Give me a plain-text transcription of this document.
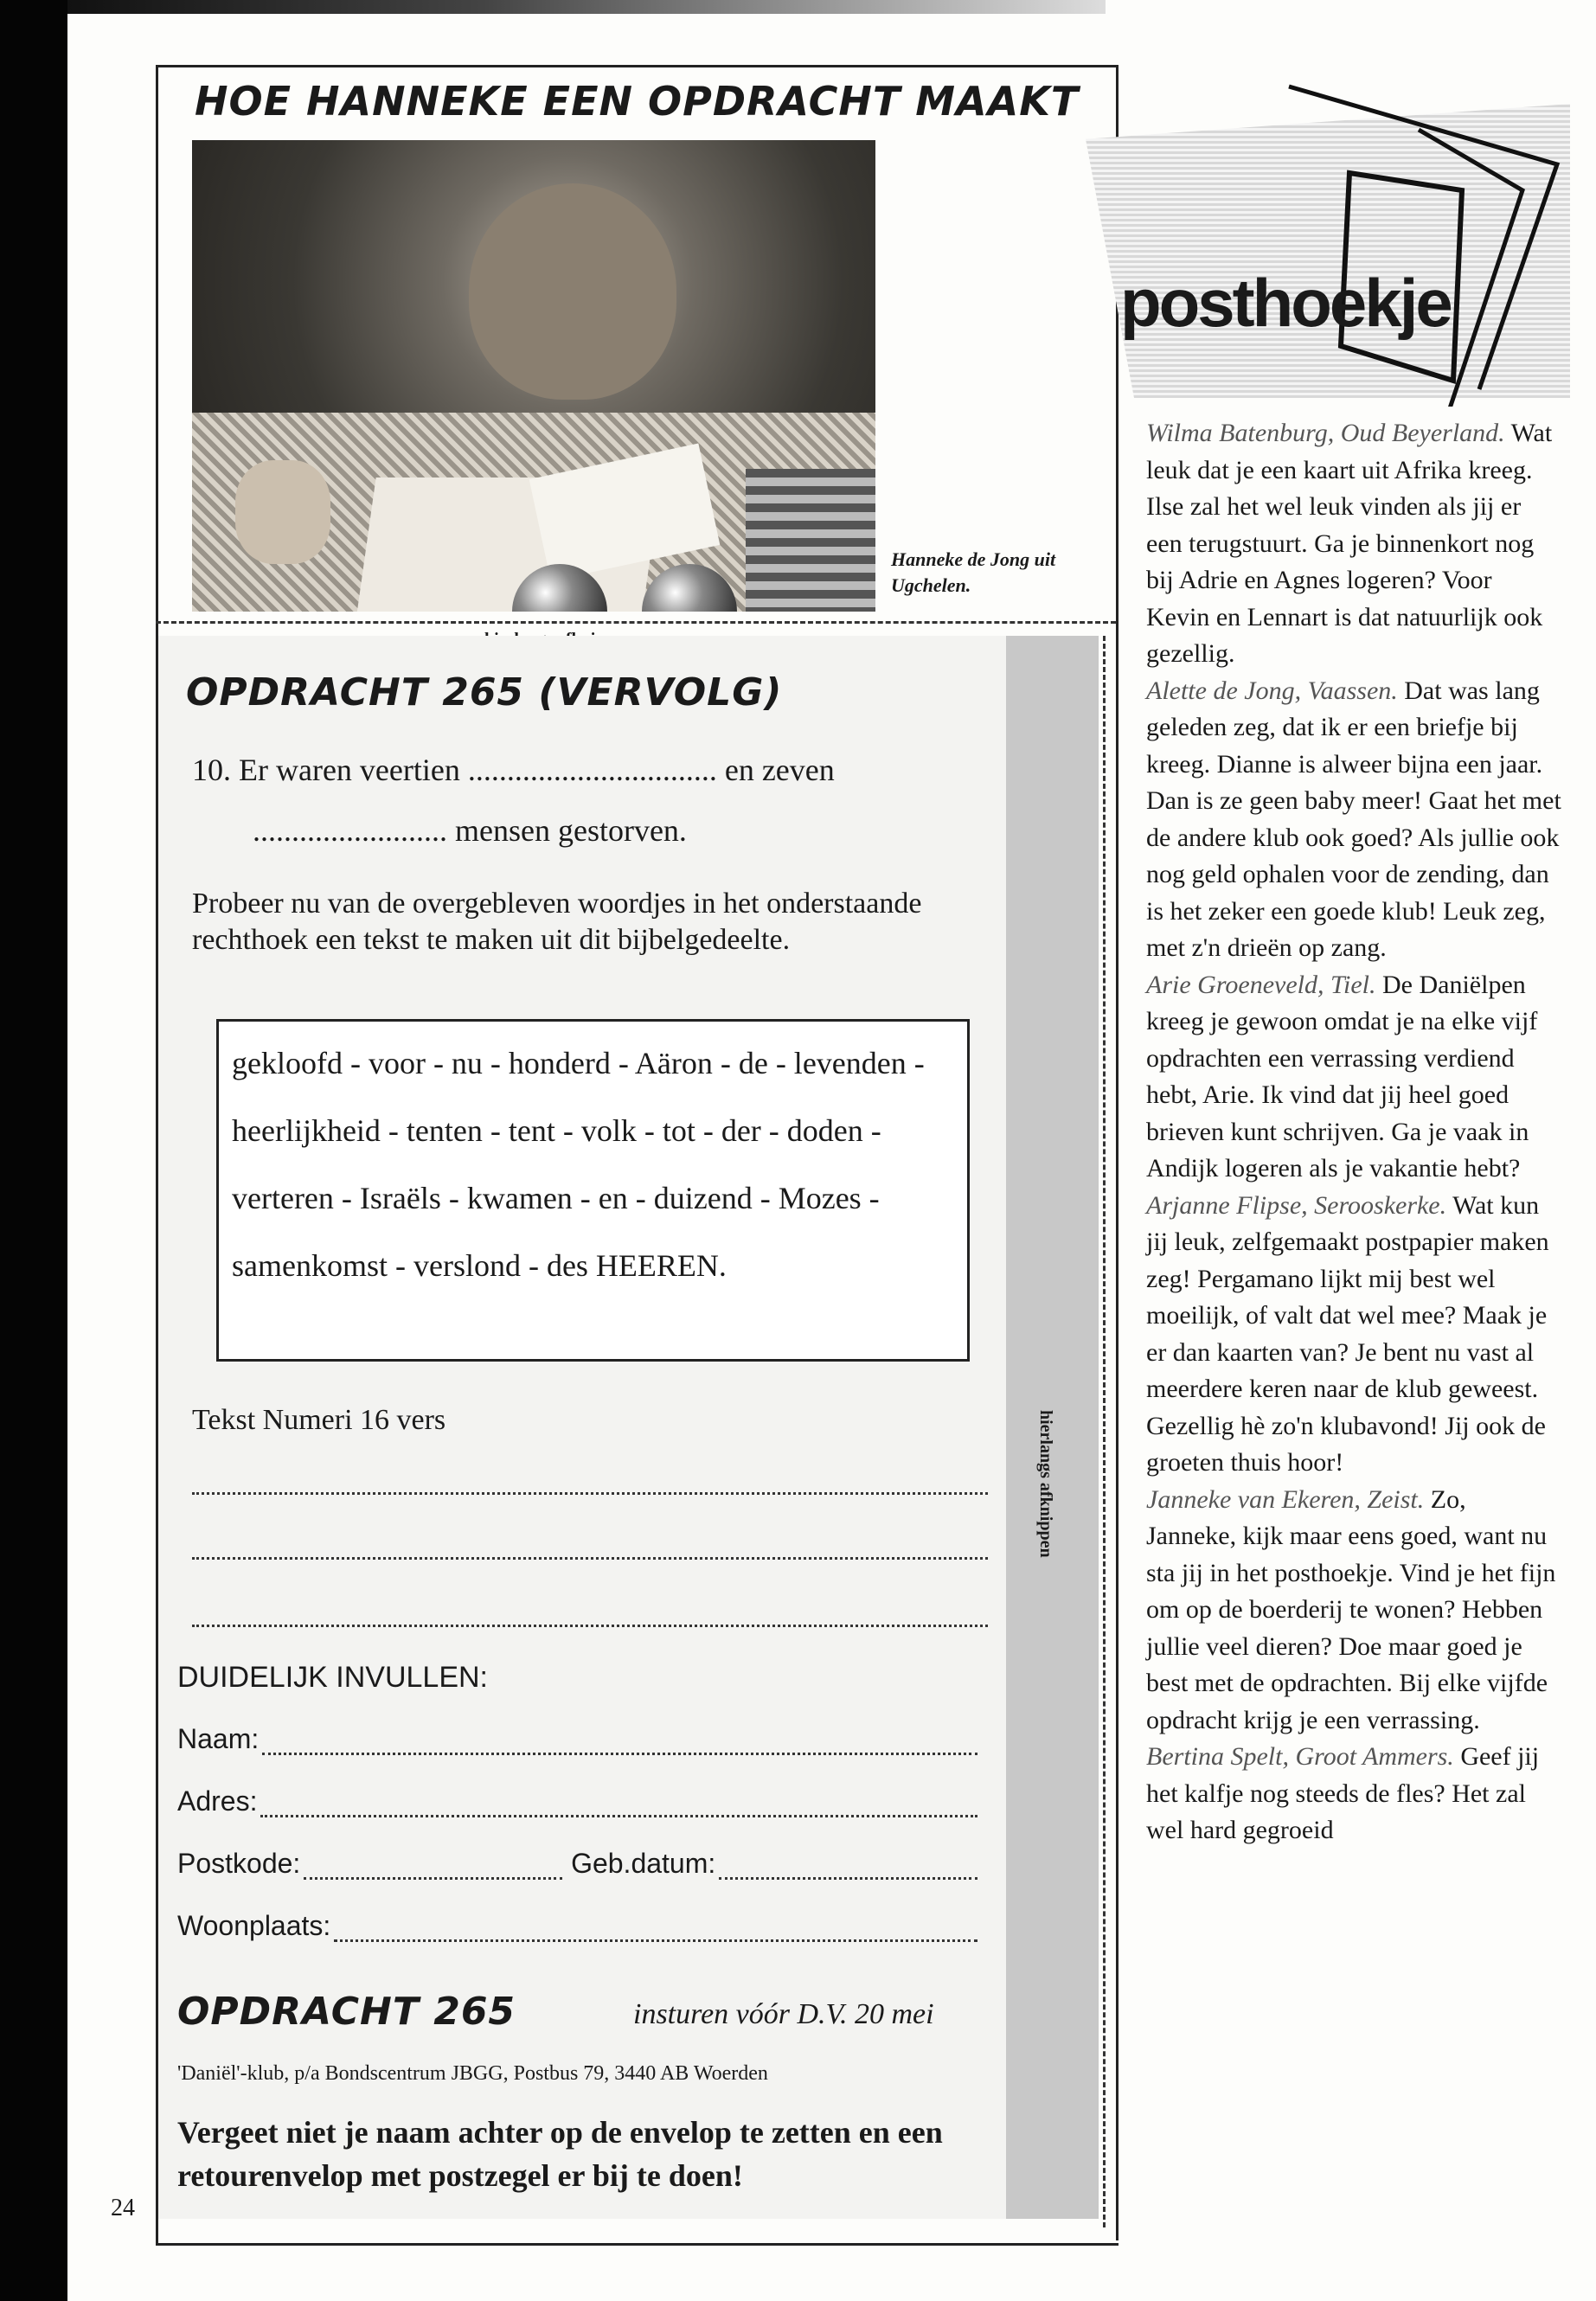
HOE HANNEKE EEN OPDRACHT MAAKT
Hanneke de Jong uit Ugchelen.
hierlangs afknippen
OPDRACHT 265 (VERVOLG)
10. Er waren veertien ................................ en zeven
......................... mensen gestorven.
Probeer nu van de overgebleven woordjes in het onderstaande rechthoek een tekst te maken uit dit bijbelgedeelte.
gekloofd - voor - nu - honderd - Aäron - de - levenden - heerlijkheid - tenten - tent - volk - tot - der - doden - verteren - Israëls - kwamen - en - duizend - Mozes - samenkomst - verslond - des HEEREN.
Tekst Numeri 16 vers
DUIDELIJK INVULLEN:
Naam:
Adres:
Postkode:	Geb.datum:
Woonplaats:
OPDRACHT 265	insturen vóór D.V. 20 mei
'Daniël'-klub, p/a Bondscentrum JBGG, Postbus 79, 3440 AB Woerden
Vergeet niet je naam achter op de envelop te zetten en een retourenvelop met postzegel er bij te doen!
24
posthoekje
Wilma Batenburg, Oud Beyerland. Wat leuk dat je een kaart uit Afrika kreeg. Ilse zal het wel leuk vinden als jij er een terugstuurt. Ga je binnenkort nog bij Adrie en Agnes logeren? Voor Kevin en Lennart is dat natuurlijk ook gezellig.
Alette de Jong, Vaassen. Dat was lang geleden zeg, dat ik er een briefje bij kreeg. Dianne is alweer bijna een jaar. Dan is ze geen baby meer! Gaat het met de andere klub ook goed? Als jullie ook nog geld ophalen voor de zending, dan is het zeker een goede klub! Leuk zeg, met z'n drieën op zang.
Arie Groeneveld, Tiel. De Daniëlpen kreeg je gewoon omdat je na elke vijf opdrachten een verrassing verdiend hebt, Arie. Ik vind dat jij heel goed brieven kunt schrijven. Ga je vaak in Andijk logeren als je vakantie hebt?
Arjanne Flipse, Serooskerke. Wat kun jij leuk, zelfgemaakt postpapier maken zeg! Pergamano lijkt mij best wel moeilijk, of valt dat wel mee? Maak je er dan kaarten van? Je bent nu vast al meerdere keren naar de klub geweest. Gezellig hè zo'n klubavond! Jij ook de groeten thuis hoor!
Janneke van Ekeren, Zeist. Zo, Janneke, kijk maar eens goed, want nu sta jij in het posthoekje. Vind je het fijn om op de boerderij te wonen? Hebben jullie veel dieren? Doe maar goed je best met de opdrachten. Bij elke vijfde opdracht krijg je een verrassing.
Bertina Spelt, Groot Ammers. Geef jij het kalfje nog steeds de fles? Het zal wel hard gegroeid
